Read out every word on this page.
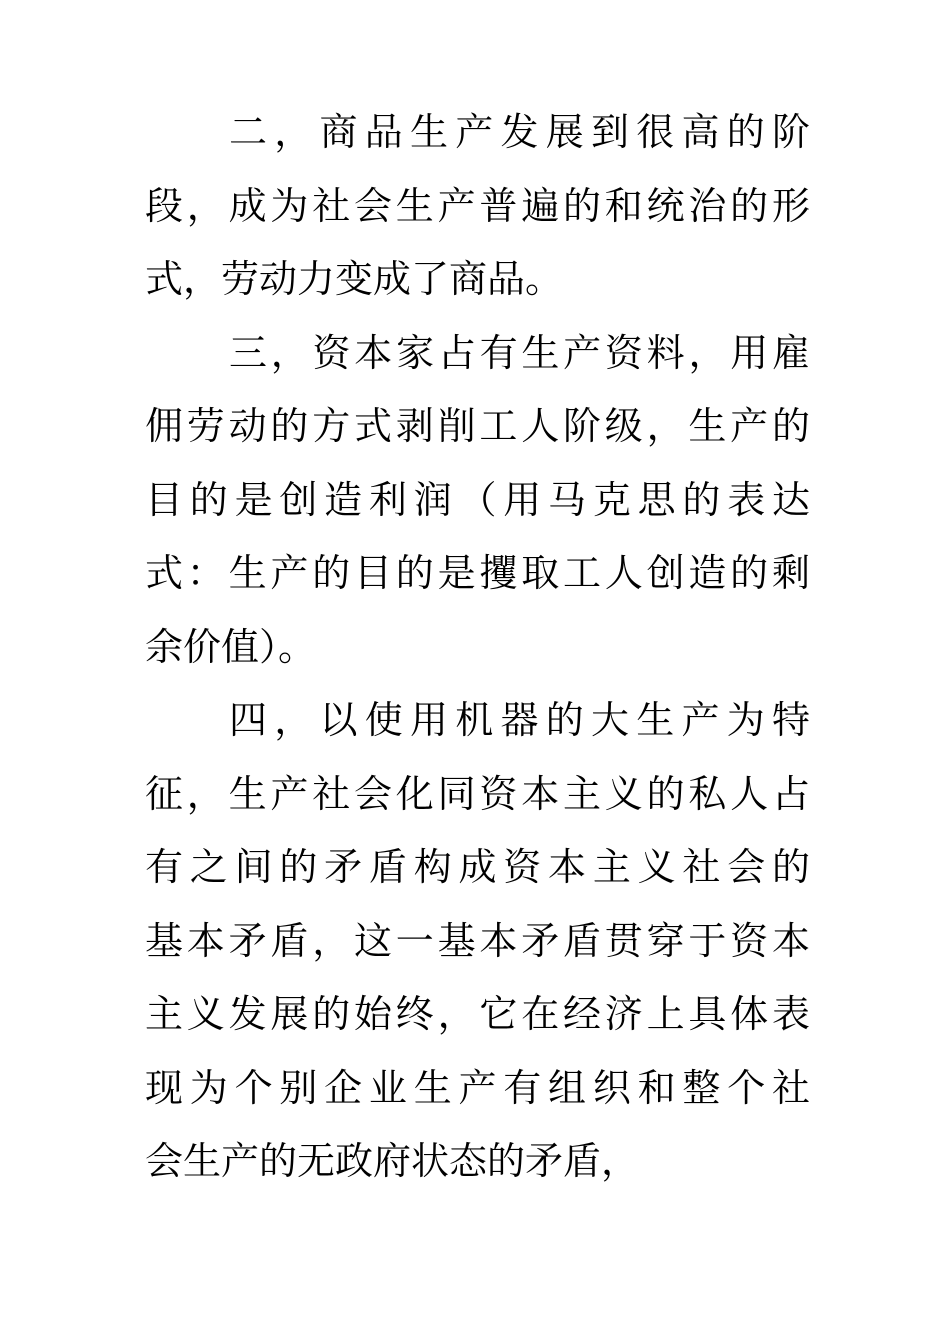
二，商品生产发展到很高的阶
段，成为社会生产普遍的和统治的形
式，劳动力变成了商品。
三，资本家占有生产资料，用雇
佣劳动的方式剥削工人阶级，生产的
目的是创造利润（用马克思的表达
式：生产的目的是攫取工人创造的剩
余价值）。
四，以使用机器的大生产为特
征，生产社会化同资本主义的私人占
有之间的矛盾构成资本主义社会的
基本矛盾，这一基本矛盾贯穿于资本
主义发展的始终，它在经济上具体表
现为个别企业生产有组织和整个社
会生产的无政府状态的矛盾，
